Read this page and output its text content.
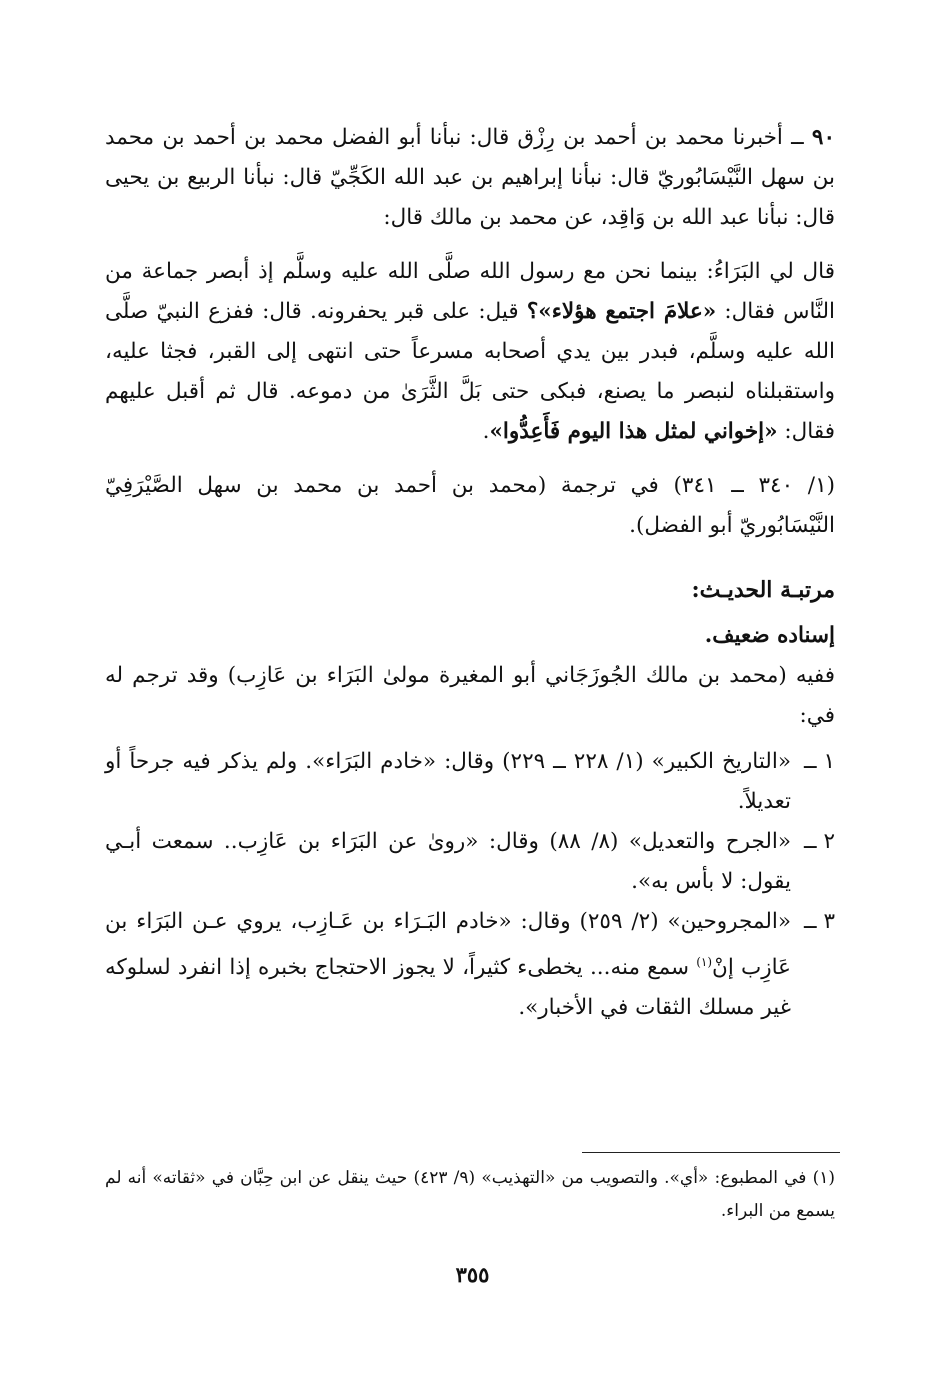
٩٠ ــ أخبرنا محمد بن أحمد بن رِزْق قال: نبأنا أبو الفضل محمد بن أحمد بن محمد بن سهل النَّيْسَابُوريّ قال: نبأنا إبراهيم بن عبد الله الكَجِّيّ قال: نبأنا الربيع بن يحيى قال: نبأنا عبد الله بن وَاقِد، عن محمد بن مالك قال:

قال لي البَرَاءُ: بينما نحن مع رسول الله صلَّى الله عليه وسلَّم إذ أبصر جماعة من النَّاس فقال: «علامَ اجتمع هؤلاء»؟ قيل: على قبر يحفرونه. قال: ففزع النبيّ صلَّى الله عليه وسلَّم، فبدر بين يدي أصحابه مسرعاً حتى انتهى إلى القبر، فجثا عليه، واستقبلناه لنبصر ما يصنع، فبكى حتى بَلَّ الثَّرَىٰ من دموعه. قال ثم أقبل عليهم فقال: «إخواني لمثل هذا اليوم فَأَعِدُّوا».

(١/ ٣٤٠ ــ ٣٤١) في ترجمة (محمد بن أحمد بن محمد بن سهل الصَّيْرَفِيّ النَّيْسَابُوريّ أبو الفضل).

مرتبـة الحديـث:

إسناده ضعيف.

ففيه (محمد بن مالك الجُوزَجَاني أبو المغيرة مولىٰ البَرَاء بن عَازِب) وقد ترجم له في:

١ ــ
«التاريخ الكبير» (١/ ٢٢٨ ــ ٢٢٩) وقال: «خادم البَرَاء». ولم يذكر فيه جرحاً أو تعديلاً.
٢ ــ
«الجرح والتعديل» (٨/ ٨٨) وقال: «روىٰ عن البَرَاء بن عَازِب.. سمعت أبـي يقول: لا بأس به».
٣ ــ
«المجروحين» (٢/ ٢٥٩) وقال: «خادم البَـرَاء بن عَـازِب، يروي عـن البَرَاء بن عَازِب إنْ$^{(١)}$ سمع منه... يخطىء كثيراً، لا يجوز الاحتجاج بخبره إذا انفرد لسلوكه غير مسلك الثقات في الأخبار».
(١) في المطبوع: «أي». والتصويب من «التهذيب» (٩/ ٤٢٣) حيث ينقل عن ابن حِبَّان في «ثقاته» أنه لم يسمع من البراء.
٣٥٥
